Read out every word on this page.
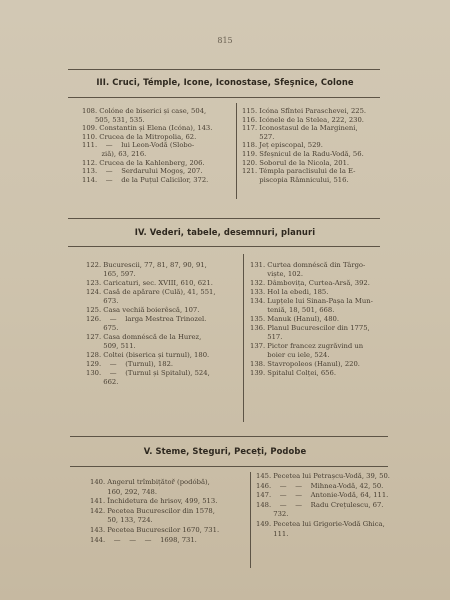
815
III. Cruci, Témple, Icone, Iconostase, Sfeşnice, Colone
108. Colóne de biserici și case, 504,
505, 531, 535.
109. Constantin și Elena (Icóna), 143.
110. Crucea de la Mitropolia, 62.
111.    —    lui Leon-Vodă (Slobo-
ziă), 63, 216.
112. Crucea de la Kahlenberg, 206.
113.    —    Serdarului Mogoș, 207.
114.    —    de la Puțul Calicilor, 372.
115. Icóna Sfîntei Paraschevei, 225.
116. Icónele de la Stelea, 222, 230.
117. Iconostasul de la Margineni,
527.
118. Jeț episcopal, 529.
119. Sfeșnicul de la Radu-Vodă, 56.
120. Soborul de la Nicola, 201.
121. Témpla paraclisului de la E-
piscopia Râmnicului, 516.
IV. Vederi, tabele, desemnuri, planuri
122. Bucurescii, 77, 81, 87, 90, 91,
165, 597.
123. Caricaturi, sec. XVIII, 610, 621.
124. Casă de apărare (Culă), 41, 551,
673.
125. Casa vechiă boierêscă, 107.
126.    —    larga Mestrea Trinozel.
675.
127. Casa domnéscă de la Hurez,
509, 511.
128. Coltei (biserica și turnul), 180.
129.    —    (Turnul), 182.
130.    —    (Turnul și Spitalul), 524,
662.
131. Curtea domnéscă din Târgo-
viște, 102.
132. Dâmbovița, Curtea-Arsă, 392.
133. Hol la ebedi, 185.
134. Lupțele lui Sinan-Pașa la Mun-
teniă, 18, 501, 668.
135. Manuk (Hanul), 480.
136. Planul Bucurescilor din 1775,
517.
137. Pictor francez zugrăvind un
boier cu iele, 524.
138. Stavropoleos (Hanul), 220.
139. Spitalul Colței, 656.
V. Steme, Steguri, Peceți, Podobe
140. Angerul trîmbițătoř (podóbă),
160, 292, 748.
141. Închidetura de hrisov, 499, 513.
142. Pecetea Bucurescilor din 1578,
50, 133, 724.
143. Pecetea Bucurescilor 1670, 731.
144.    —    —    —    1698, 731.
145. Pecetea lui Petrașcu-Vodă, 39, 50.
146.    —    —    Mihnea-Vodă, 42, 50.
147.    —    —    Antonie-Vodă, 64, 111.
148.    —    —    Radu Crețulescu, 67.
732.
149. Pecetea lui Grigorie-Vodă Ghica,
111.
